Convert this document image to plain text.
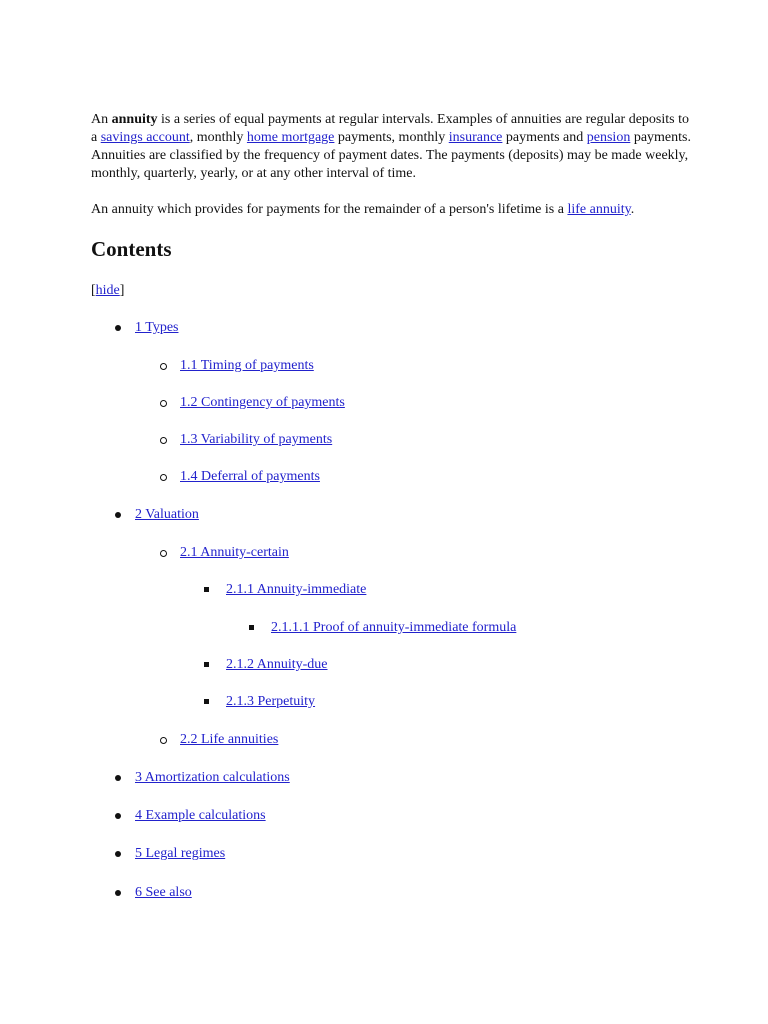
An annuity is a series of equal payments at regular intervals. Examples of annuities are regular deposits to a savings account, monthly home mortgage payments, monthly insurance payments and pension payments. Annuities are classified by the frequency of payment dates. The payments (deposits) may be made weekly, monthly, quarterly, yearly, or at any other interval of time.

An annuity which provides for payments for the remainder of a person's lifetime is a life annuity.

Contents
[hide]
1 Types
1.1 Timing of payments
1.2 Contingency of payments
1.3 Variability of payments
1.4 Deferral of payments
2 Valuation
2.1 Annuity-certain
2.1.1 Annuity-immediate
2.1.1.1 Proof of annuity-immediate formula
2.1.2 Annuity-due
2.1.3 Perpetuity
2.2 Life annuities
3 Amortization calculations
4 Example calculations
5 Legal regimes
6 See also
